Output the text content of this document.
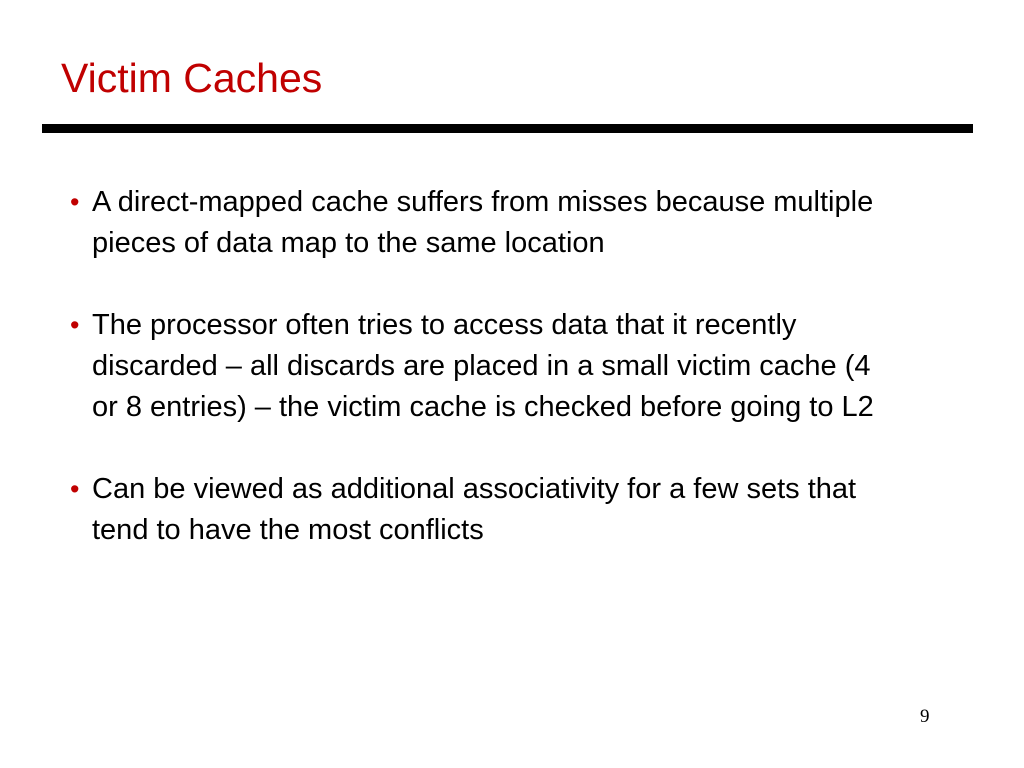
Victim Caches
• A direct-mapped cache suffers from misses because multiple pieces of data map to the same location
• The processor often tries to access data that it recently discarded – all discards are placed in a small victim cache (4 or 8 entries) – the victim cache is checked before going to L2
• Can be viewed as additional associativity for a few sets that tend to have the most conflicts
9
